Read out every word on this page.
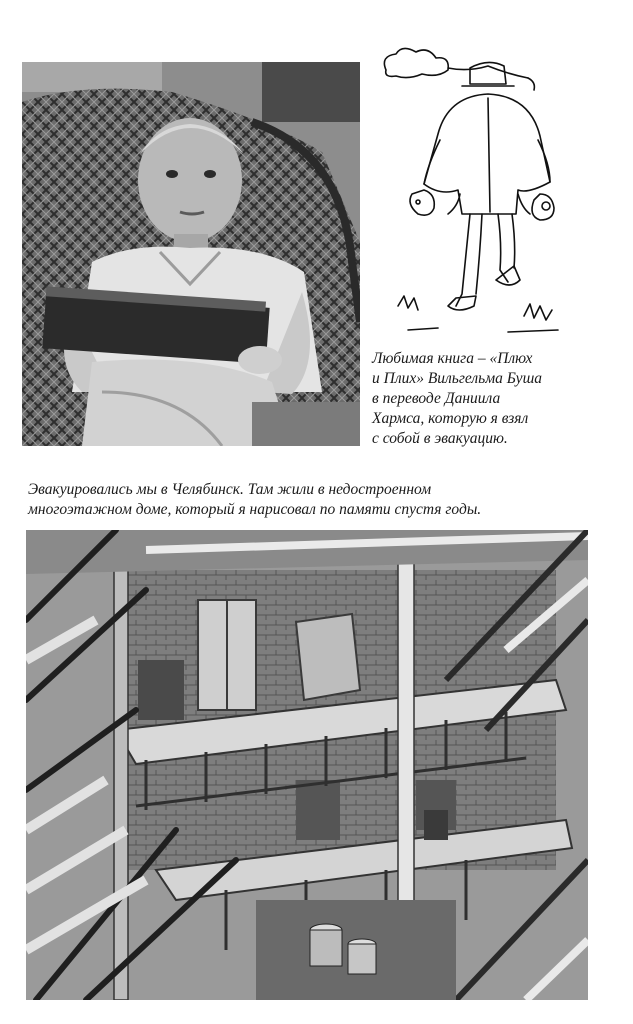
Любимая книга – «Плюх
и Плих» Вильгельма Буша
в переводе Даниила
Хармса, которую я взял
с собой в эвакуацию.

Эвакуировались мы в Челябинск. Там жили в недостроенном
многоэтажном доме, который я нарисовал по памяти спустя годы.
